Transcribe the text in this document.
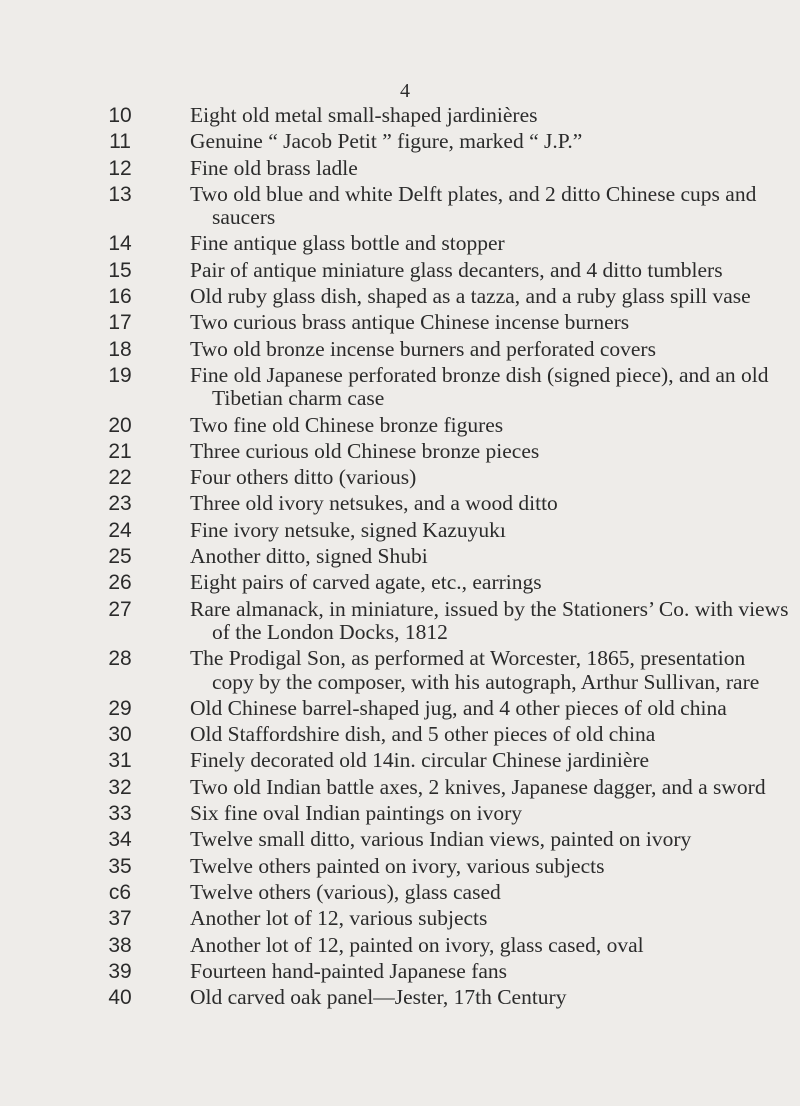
4
10	Eight old metal small-shaped jardinières
11	Genuine “ Jacob Petit ” figure, marked “ J.P.”
12	Fine old brass ladle
13	Two old blue and white Delft plates, and 2 ditto Chinese cups and saucers
14	Fine antique glass bottle and stopper
15	Pair of antique miniature glass decanters, and 4 ditto tumblers
16	Old ruby glass dish, shaped as a tazza, and a ruby glass spill vase
17	Two curious brass antique Chinese incense burners
18	Two old bronze incense burners and perforated covers
19	Fine old Japanese perforated bronze dish (signed piece), and an old Tibetian charm case
20	Two fine old Chinese bronze figures
21	Three curious old Chinese bronze pieces
22	Four others ditto (various)
23	Three old ivory netsukes, and a wood ditto
24	Fine ivory netsuke, signed Kazuyukı
25	Another ditto, signed Shubi
26	Eight pairs of carved agate, etc., earrings
27	Rare almanack, in miniature, issued by the Stationers’ Co. with views of the London Docks, 1812
28	The Prodigal Son, as performed at Worcester, 1865, presentation copy by the composer, with his autograph, Arthur Sullivan, rare
29	Old Chinese barrel-shaped jug, and 4 other pieces of old china
30	Old Staffordshire dish, and 5 other pieces of old china
31	Finely decorated old 14in. circular Chinese jardinière
32	Two old Indian battle axes, 2 knives, Japanese dagger, and a sword
33	Six fine oval Indian paintings on ivory
34	Twelve small ditto, various Indian views, painted on ivory
35	Twelve others painted on ivory, various subjects
c6	Twelve others (various), glass cased
37	Another lot of 12, various subjects
38	Another lot of 12, painted on ivory, glass cased, oval
39	Fourteen hand-painted Japanese fans
40	Old carved oak panel—Jester, 17th Century
